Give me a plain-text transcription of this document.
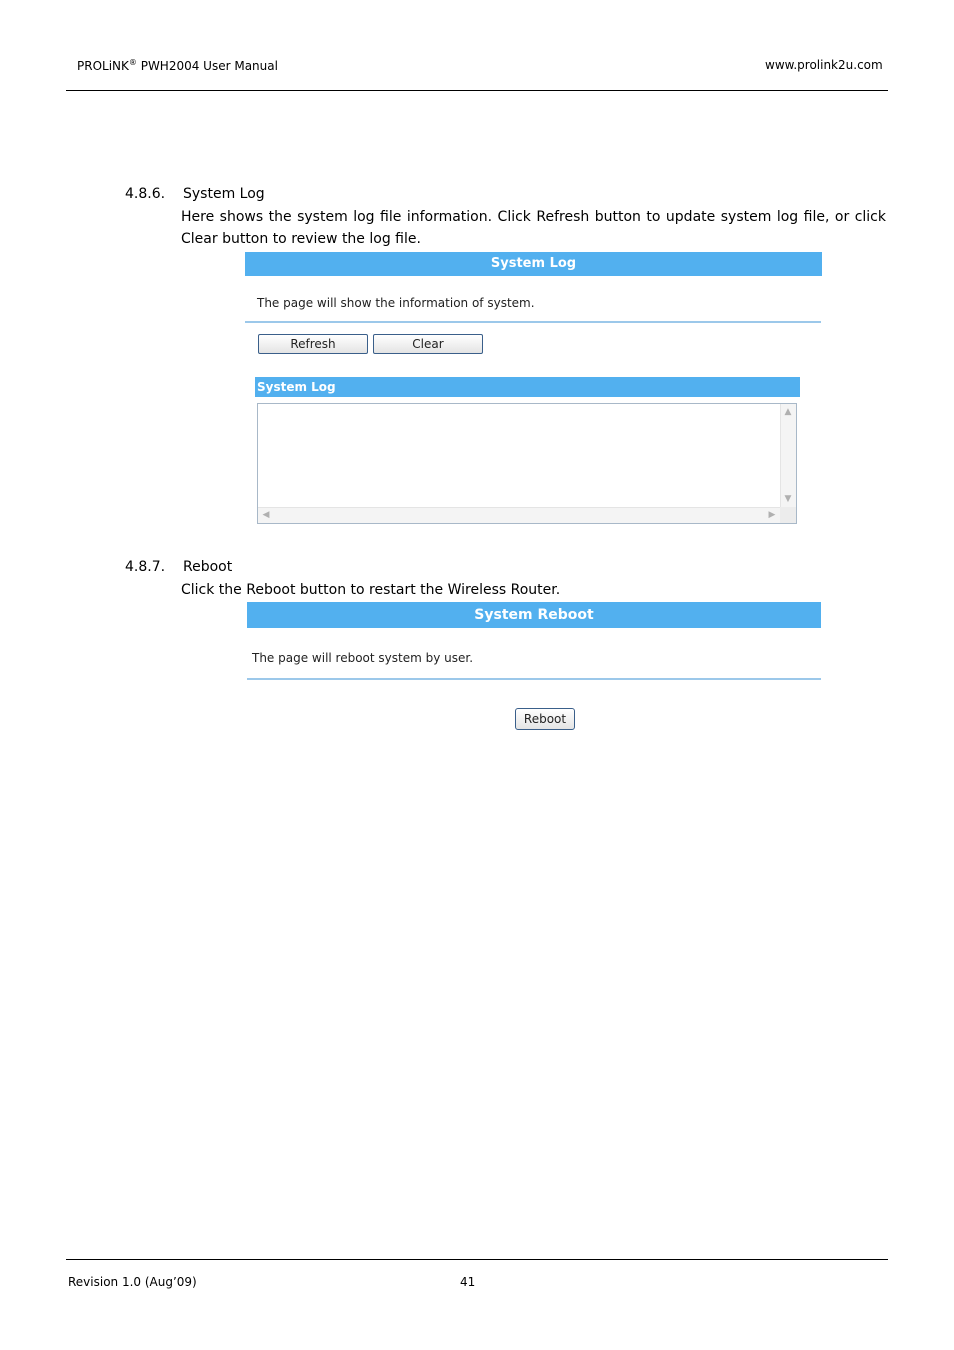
PROLiNK® PWH2004 User Manual	www.prolink2u.com
4.8.6. System Log
Here shows the system log file information. Click Refresh button to update system log file, or click Clear button to review the log file.
System Log
The page will show the information of system.
Refresh	Clear
System Log
▲
▼
◀	▶
4.8.7. Reboot
Click the Reboot button to restart the Wireless Router.
System Reboot
The page will reboot system by user.
Reboot
Revision 1.0 (Aug’09)	41
